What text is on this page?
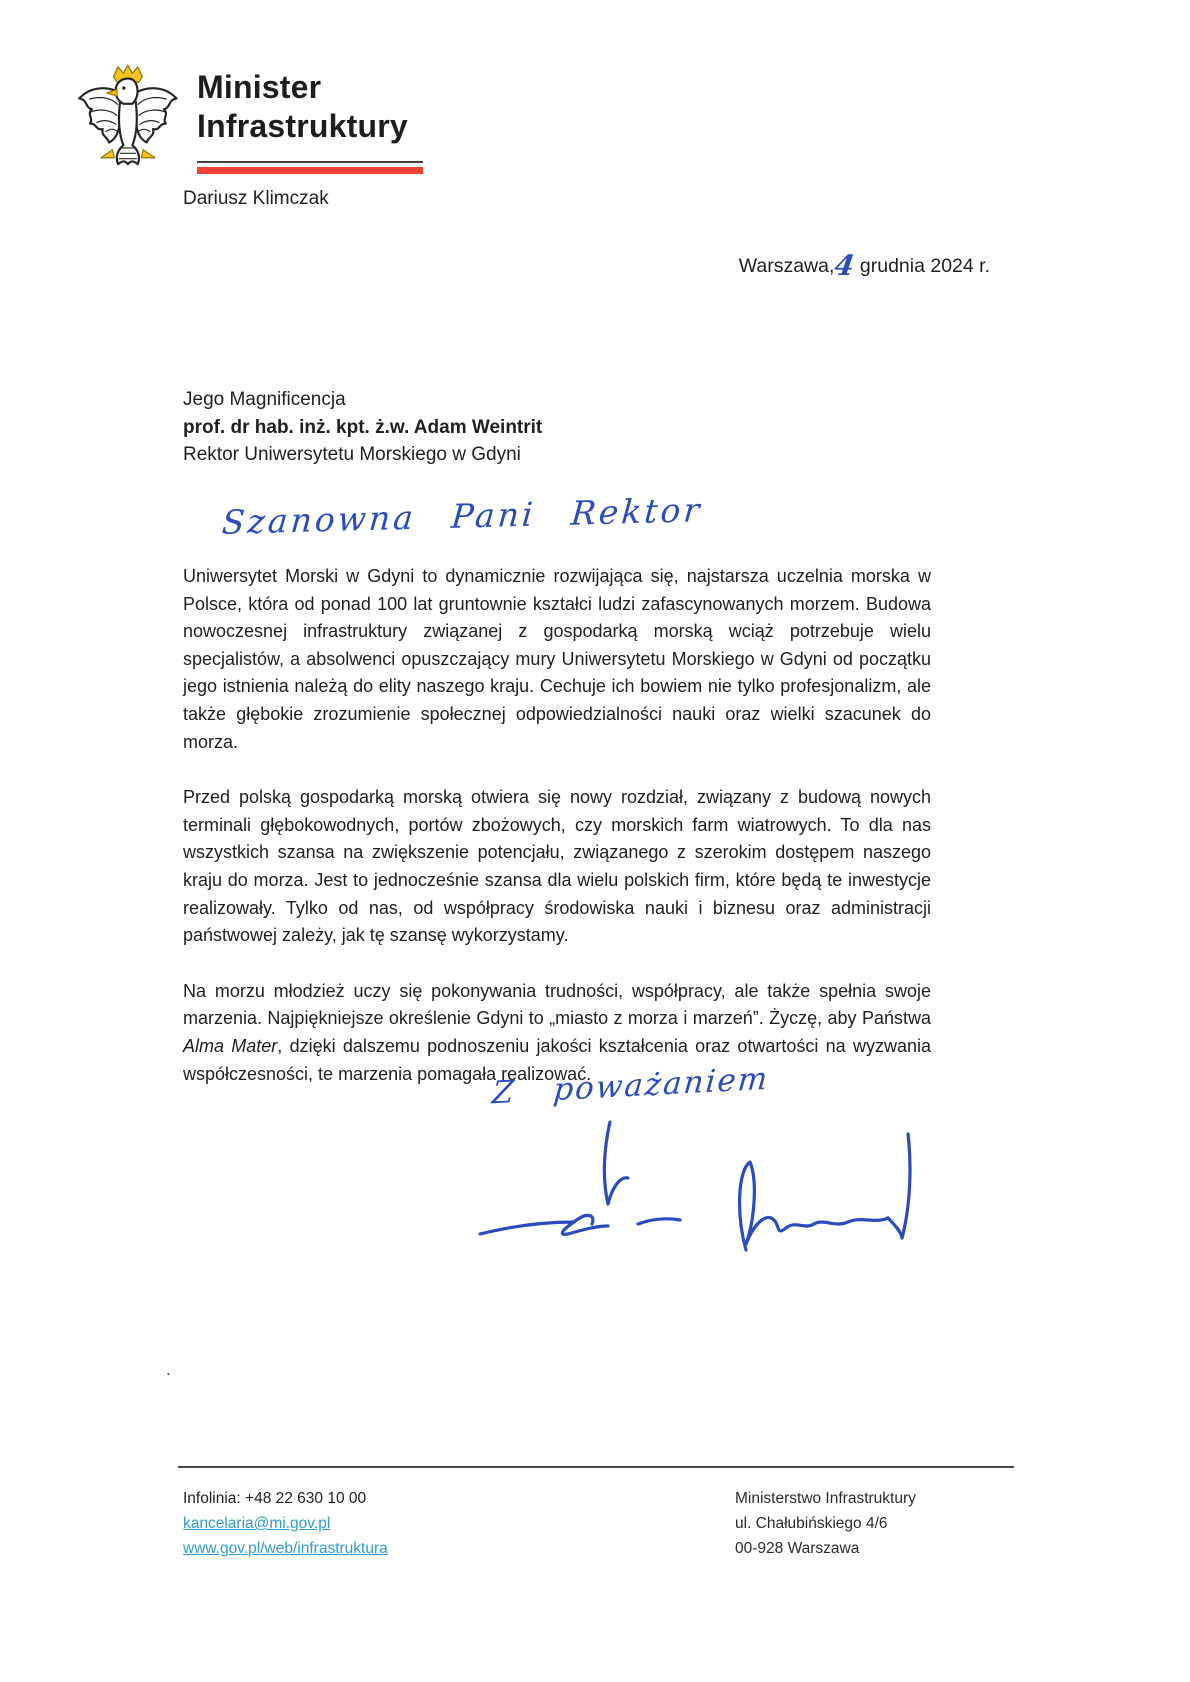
Minister
Infrastruktury
Dariusz Klimczak
Warszawa,4 grudnia 2024 r.
Jego Magnificencja
prof. dr hab. inż. kpt. ż.w. Adam Weintrit
Rektor Uniwersytetu Morskiego w Gdyni
Szanowna Pani Rektor

Uniwersytet Morski w Gdyni to dynamicznie rozwijająca się, najstarsza uczelnia morska w Polsce, która od ponad 100 lat gruntownie kształci ludzi zafascynowanych morzem. Budowa nowoczesnej infrastruktury związanej z gospodarką morską wciąż potrzebuje wielu specjalistów, a absolwenci opuszczający mury Uniwersytetu Morskiego w Gdyni od początku jego istnienia należą do elity naszego kraju. Cechuje ich bowiem nie tylko profesjonalizm, ale także głębokie zrozumienie społecznej odpowiedzialności nauki oraz wielki szacunek do morza.

Przed polską gospodarką morską otwiera się nowy rozdział, związany z budową nowych terminali głębokowodnych, portów zbożowych, czy morskich farm wiatrowych. To dla nas wszystkich szansa na zwiększenie potencjału, związanego z szerokim dostępem naszego kraju do morza. Jest to jednocześnie szansa dla wielu polskich firm, które będą te inwestycje realizowały. Tylko od nas, od współpracy środowiska nauki i biznesu oraz administracji państwowej zależy, jak tę szansę wykorzystamy.

Na morzu młodzież uczy się pokonywania trudności, współpracy, ale także spełnia swoje marzenia. Najpiękniejsze określenie Gdyni to „miasto z morza i marzeń”. Życzę, aby Państwa Alma Mater, dzięki dalszemu podnoszeniu jakości kształcenia oraz otwartości na wyzwania współczesności, te marzenia pomagała realizować.

Z poważaniem
.
Infolinia: +48 22 630 10 00
kancelaria@mi.gov.pl
www.gov.pl/web/infrastruktura
Ministerstwo Infrastruktury
ul. Chałubińskiego 4/6
00-928 Warszawa
